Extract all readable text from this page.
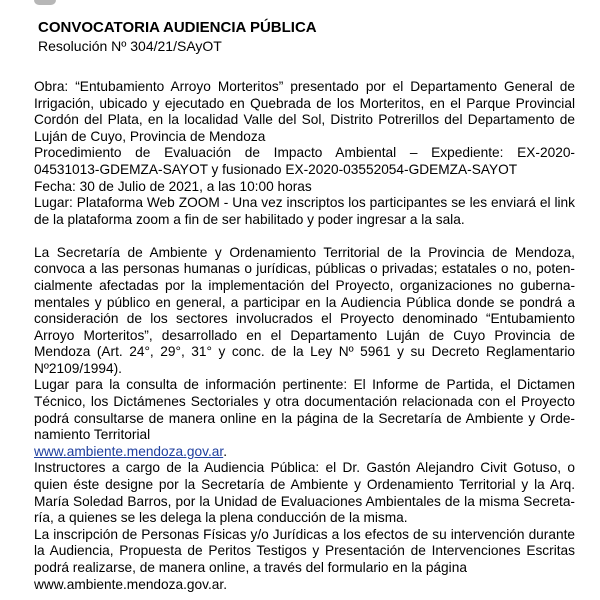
CONVOCATORIA AUDIENCIA PÚBLICA

Resolución Nº 304/21/SAyOT

Obra: “Entubamiento Arroyo Morteritos” presentado por el Departamento General de

Irrigación, ubicado y ejecutado en Quebrada de los Morteritos, en el Parque Provincial

Cordón del Plata, en la localidad Valle del Sol, Distrito Potrerillos del Departamento de

Luján de Cuyo, Provincia de Mendoza

Procedimiento de Evaluación de Impacto Ambiental – Expediente: EX-2020-

04531013-GDEMZA-SAYOT y fusionado EX-2020-03552054-GDEMZA-SAYOT

Fecha: 30 de Julio de 2021, a las 10:00 horas

Lugar: Plataforma Web ZOOM - Una vez inscriptos los participantes se les enviará el link

de la plataforma zoom a fin de ser habilitado y poder ingresar a la sala.

La Secretaría de Ambiente y Ordenamiento Territorial de la Provincia de Mendoza,

convoca a las personas humanas o jurídicas, públicas o privadas; estatales o no, poten-

cialmente afectadas por la implementación del Proyecto, organizaciones no guberna-

mentales y público en general, a participar en la Audiencia Pública donde se pondrá a

consideración de los sectores involucrados el Proyecto denominado “Entubamiento

Arroyo Morteritos”, desarrollado en el Departamento Luján de Cuyo Provincia de

Mendoza (Art. 24°, 29°, 31° y conc. de la Ley Nº 5961 y su Decreto Reglamentario

Nº2109/1994).

Lugar para la consulta de información pertinente: El Informe de Partida, el Dictamen

Técnico, los Dictámenes Sectoriales y otra documentación relacionada con el Proyecto

podrá consultarse de manera online en la página de la Secretaría de Ambiente y Orde-

namiento Territorial

www.ambiente.mendoza.gov.ar.

Instructores a cargo de la Audiencia Pública: el Dr. Gastón Alejandro Civit Gotuso, o

quien éste designe por la Secretaría de Ambiente y Ordenamiento Territorial y la Arq.

María Soledad Barros, por la Unidad de Evaluaciones Ambientales de la misma Secreta-

ría, a quienes se les delega la plena conducción de la misma.

La inscripción de Personas Físicas y/o Jurídicas a los efectos de su intervención durante

la Audiencia, Propuesta de Peritos Testigos y Presentación de Intervenciones Escritas

podrá realizarse, de manera online, a través del formulario en la página

www.ambiente.mendoza.gov.ar.
